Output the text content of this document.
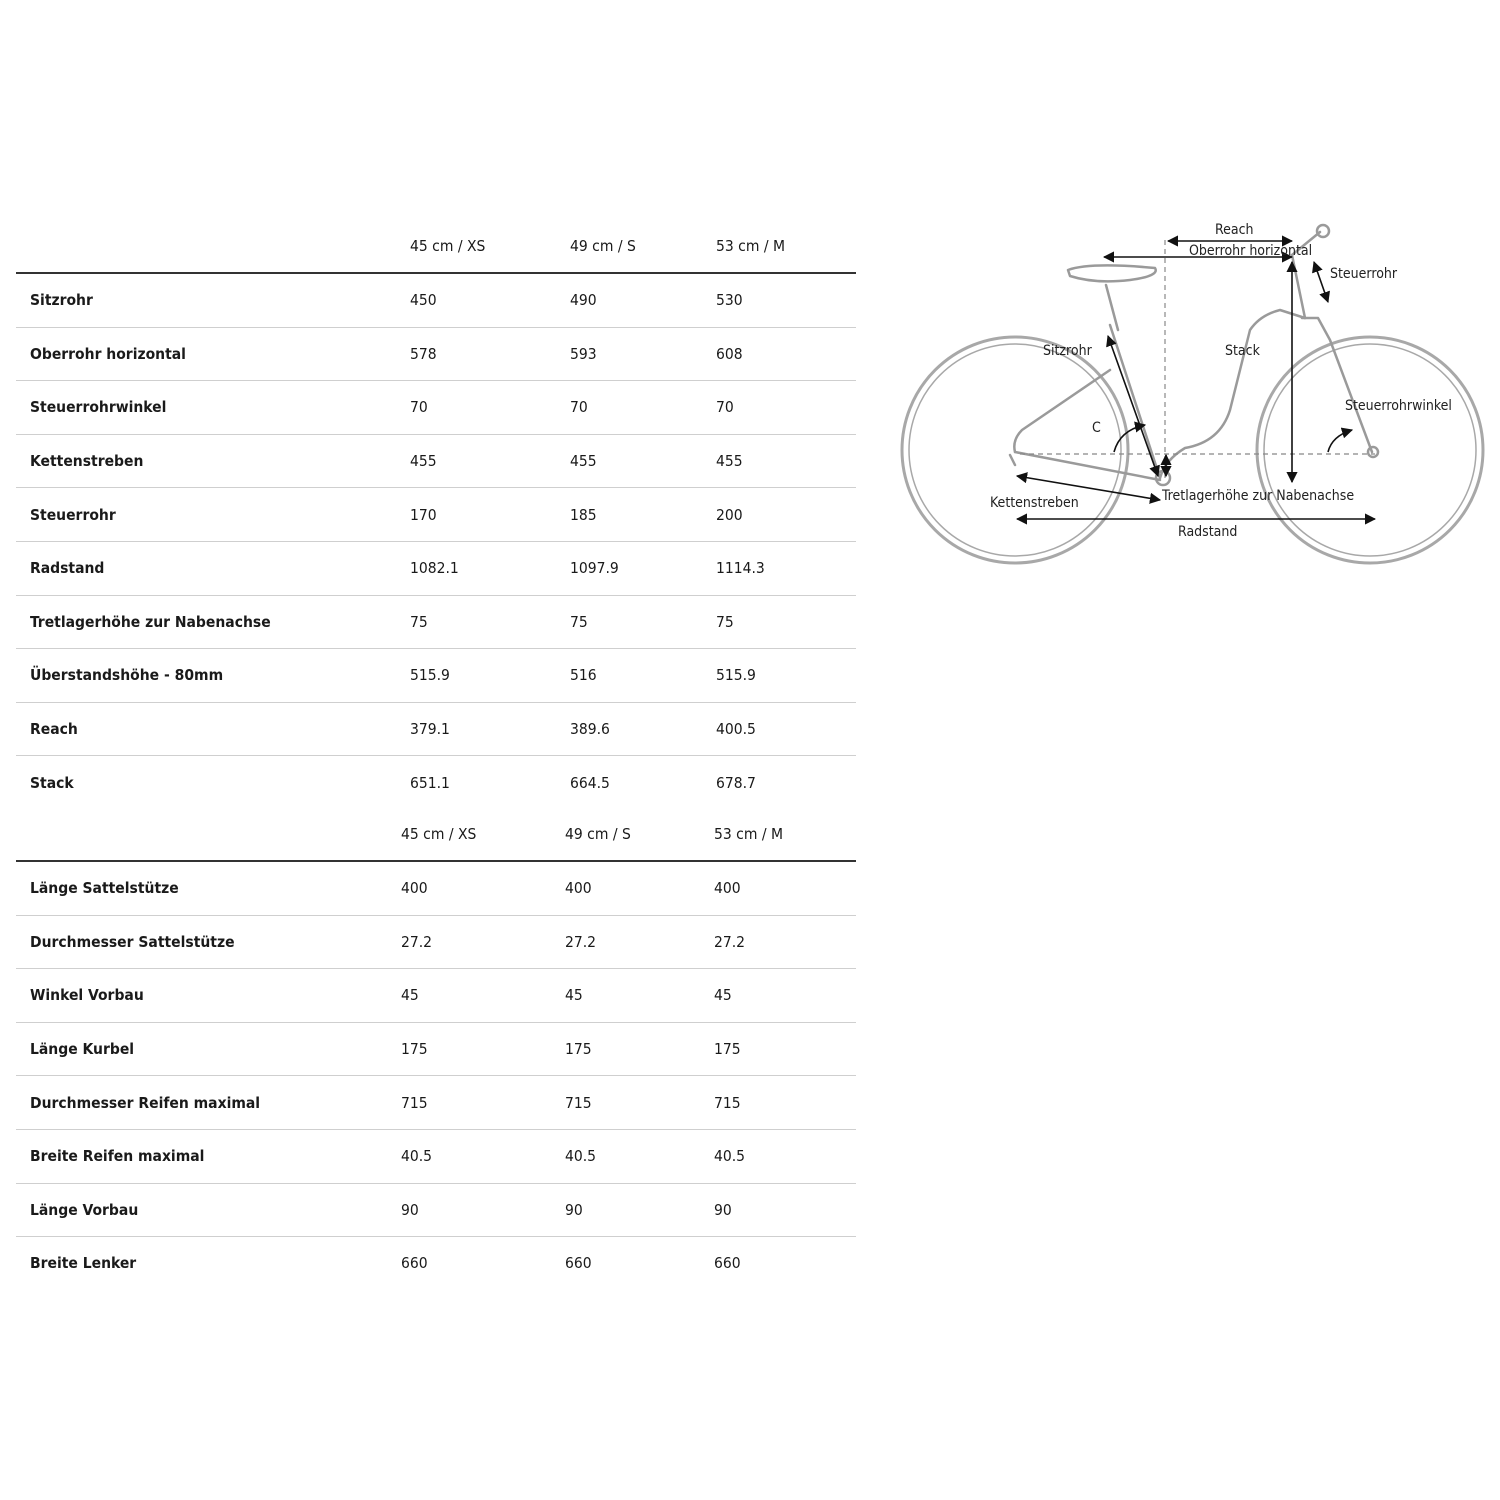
	45 cm / XS	49 cm / S	53 cm / M
Sitzrohr	450	490	530
Oberrohr horizontal	578	593	608
Steuerrohrwinkel	70	70	70
Kettenstreben	455	455	455
Steuerrohr	170	185	200
Radstand	1082.1	1097.9	1114.3
Tretlagerhöhe zur Nabenachse	75	75	75
Überstandshöhe - 80mm	515.9	516	515.9
Reach	379.1	389.6	400.5
Stack	651.1	664.5	678.7
	45 cm / XS	49 cm / S	53 cm / M
Länge Sattelstütze	400	400	400
Durchmesser Sattelstütze	27.2	27.2	27.2
Winkel Vorbau	45	45	45
Länge Kurbel	175	175	175
Durchmesser Reifen maximal	715	715	715
Breite Reifen maximal	40.5	40.5	40.5
Länge Vorbau	90	90	90
Breite Lenker	660	660	660
Reach
Oberrohr horizontal
Steuerrohr
Sitzrohr	Stack
Steuerrohrwinkel
C
Kettenstreben	Tretlagerhöhe zur Nabenachse
Radstand
